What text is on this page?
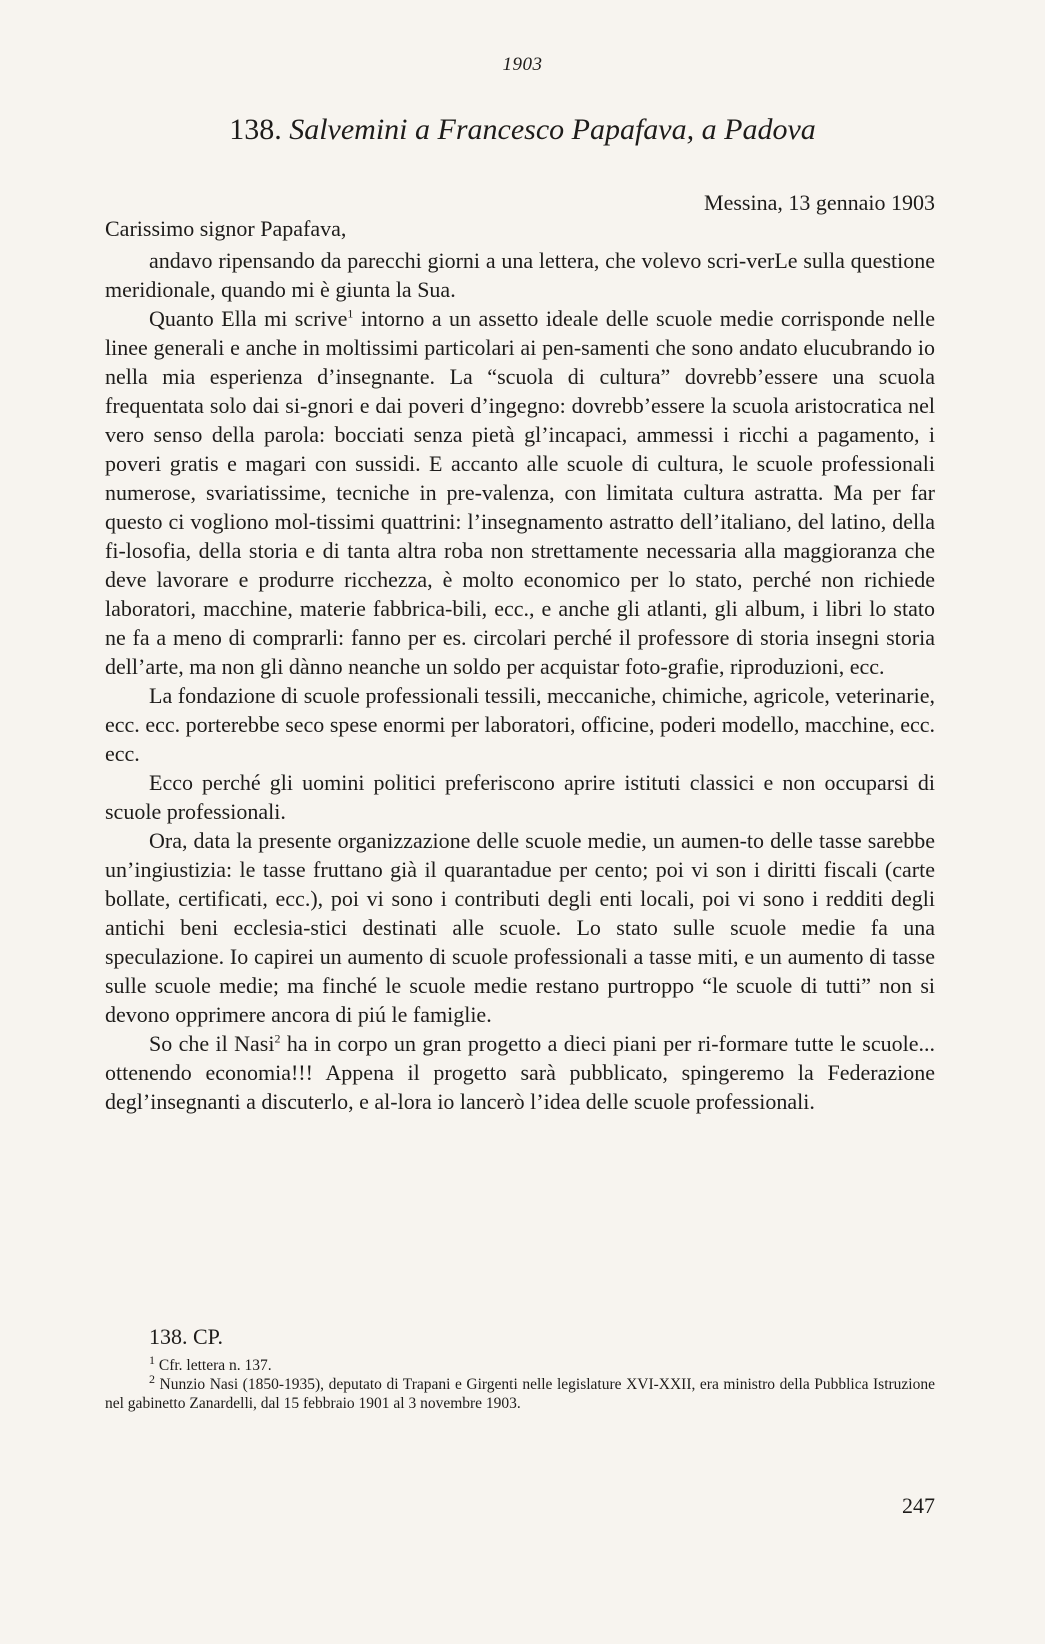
1903
138. Salvemini a Francesco Papafava, a Padova
Messina, 13 gennaio 1903
Carissimo signor Papafava,

andavo ripensando da parecchi giorni a una lettera, che volevo scri-verLe sulla questione meridionale, quando mi è giunta la Sua.

Quanto Ella mi scrive$^1$ intorno a un assetto ideale delle scuole medie corrisponde nelle linee generali e anche in moltissimi particolari ai pen-samenti che sono andato elucubrando io nella mia esperienza d’insegnante. La “scuola di cultura” dovrebb’essere una scuola frequentata solo dai si-gnori e dai poveri d’ingegno: dovrebb’essere la scuola aristocratica nel vero senso della parola: bocciati senza pietà gl’incapaci, ammessi i ricchi a pagamento, i poveri gratis e magari con sussidi. E accanto alle scuole di cultura, le scuole professionali numerose, svariatissime, tecniche in pre-valenza, con limitata cultura astratta. Ma per far questo ci vogliono mol-tissimi quattrini: l’insegnamento astratto dell’italiano, del latino, della fi-losofia, della storia e di tanta altra roba non strettamente necessaria alla maggioranza che deve lavorare e produrre ricchezza, è molto economico per lo stato, perché non richiede laboratori, macchine, materie fabbrica-bili, ecc., e anche gli atlanti, gli album, i libri lo stato ne fa a meno di comprarli: fanno per es. circolari perché il professore di storia insegni storia dell’arte, ma non gli dànno neanche un soldo per acquistar foto-grafie, riproduzioni, ecc.

La fondazione di scuole professionali tessili, meccaniche, chimiche, agricole, veterinarie, ecc. ecc. porterebbe seco spese enormi per laboratori, officine, poderi modello, macchine, ecc. ecc.

Ecco perché gli uomini politici preferiscono aprire istituti classici e non occuparsi di scuole professionali.

Ora, data la presente organizzazione delle scuole medie, un aumen-to delle tasse sarebbe un’ingiustizia: le tasse fruttano già il quarantadue per cento; poi vi son i diritti fiscali (carte bollate, certificati, ecc.), poi vi sono i contributi degli enti locali, poi vi sono i redditi degli antichi beni ecclesia-stici destinati alle scuole. Lo stato sulle scuole medie fa una speculazione. Io capirei un aumento di scuole professionali a tasse miti, e un aumento di tasse sulle scuole medie; ma finché le scuole medie restano purtroppo “le scuole di tutti” non si devono opprimere ancora di piú le famiglie.

So che il Nasi$^2$ ha in corpo un gran progetto a dieci piani per ri-formare tutte le scuole... ottenendo economia!!! Appena il progetto sarà pubblicato, spingeremo la Federazione degl’insegnanti a discuterlo, e al-lora io lancerò l’idea delle scuole professionali.

138. CP.

$^1$ Cfr. lettera n. 137.

$^2$ Nunzio Nasi (1850-1935), deputato di Trapani e Girgenti nelle legislature XVI-XXII, era ministro della Pubblica Istruzione nel gabinetto Zanardelli, dal 15 febbraio 1901 al 3 novembre 1903.

247
